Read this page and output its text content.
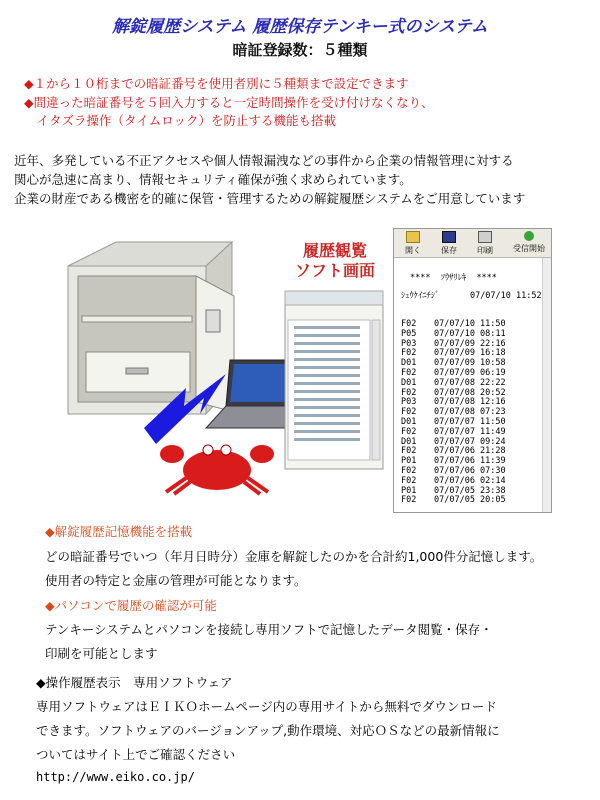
解錠履歴システム 履歴保存テンキー式のシステム
暗証登録数：５種類
◆１から１０桁までの暗証番号を使用者別に５種類まで設定できます
◆間違った暗証番号を５回入力すると一定時間操作を受け付けなくなり、
　イタズラ操作（タイムロック）を防止する機能も搭載
近年、多発している不正アクセスや個人情報漏洩などの事件から企業の情報管理に対する
関心が急速に高まり、情報セキュリティ確保が強く求められています。
企業の財産である機密を的確に保管・管理するための解錠履歴システムをご用意しています
履歴観覧
ソフト画面
開く	保存	印刷	受信開始
****  ｿｳｻﾘﾚｷ  ****
ｼｭｳｹｲﾆﾁｼﾞ      07/07/10 11:52
F02 07/07/10 11:50
P05 07/07/10 08:11
P03 07/07/09 22:16
F02 07/07/09 16:18
D01 07/07/09 10:58
F02 07/07/09 06:19
D01 07/07/08 22:22
F02 07/07/08 20:52
P03 07/07/08 12:16
F02 07/07/08 07:23
D01 07/07/07 11:50
F02 07/07/07 11:49
D01 07/07/07 09:24
F02 07/07/06 21:28
P01 07/07/06 11:39
F02 07/07/06 07:30
F02 07/07/06 02:14
P01 07/07/05 23:38
F02 07/07/05 20:05
◆解錠履歴記憶機能を搭載
どの暗証番号でいつ（年月日時分）金庫を解錠したのかを合計約1,000件分記憶します。
使用者の特定と金庫の管理が可能となります。
◆パソコンで履歴の確認が可能
テンキーシステムとパソコンを接続し専用ソフトで記憶したデータ閲覧・保存・
印刷を可能とします
◆操作履歴表示　専用ソフトウェア
専用ソフトウェアはＥＩＫＯホームページ内の専用サイトから無料でダウンロード
できます。ソフトウェアのバージョンアップ,動作環境、対応ＯＳなどの最新情報に
ついてはサイト上でご確認ください
http://www.eiko.co.jp/
